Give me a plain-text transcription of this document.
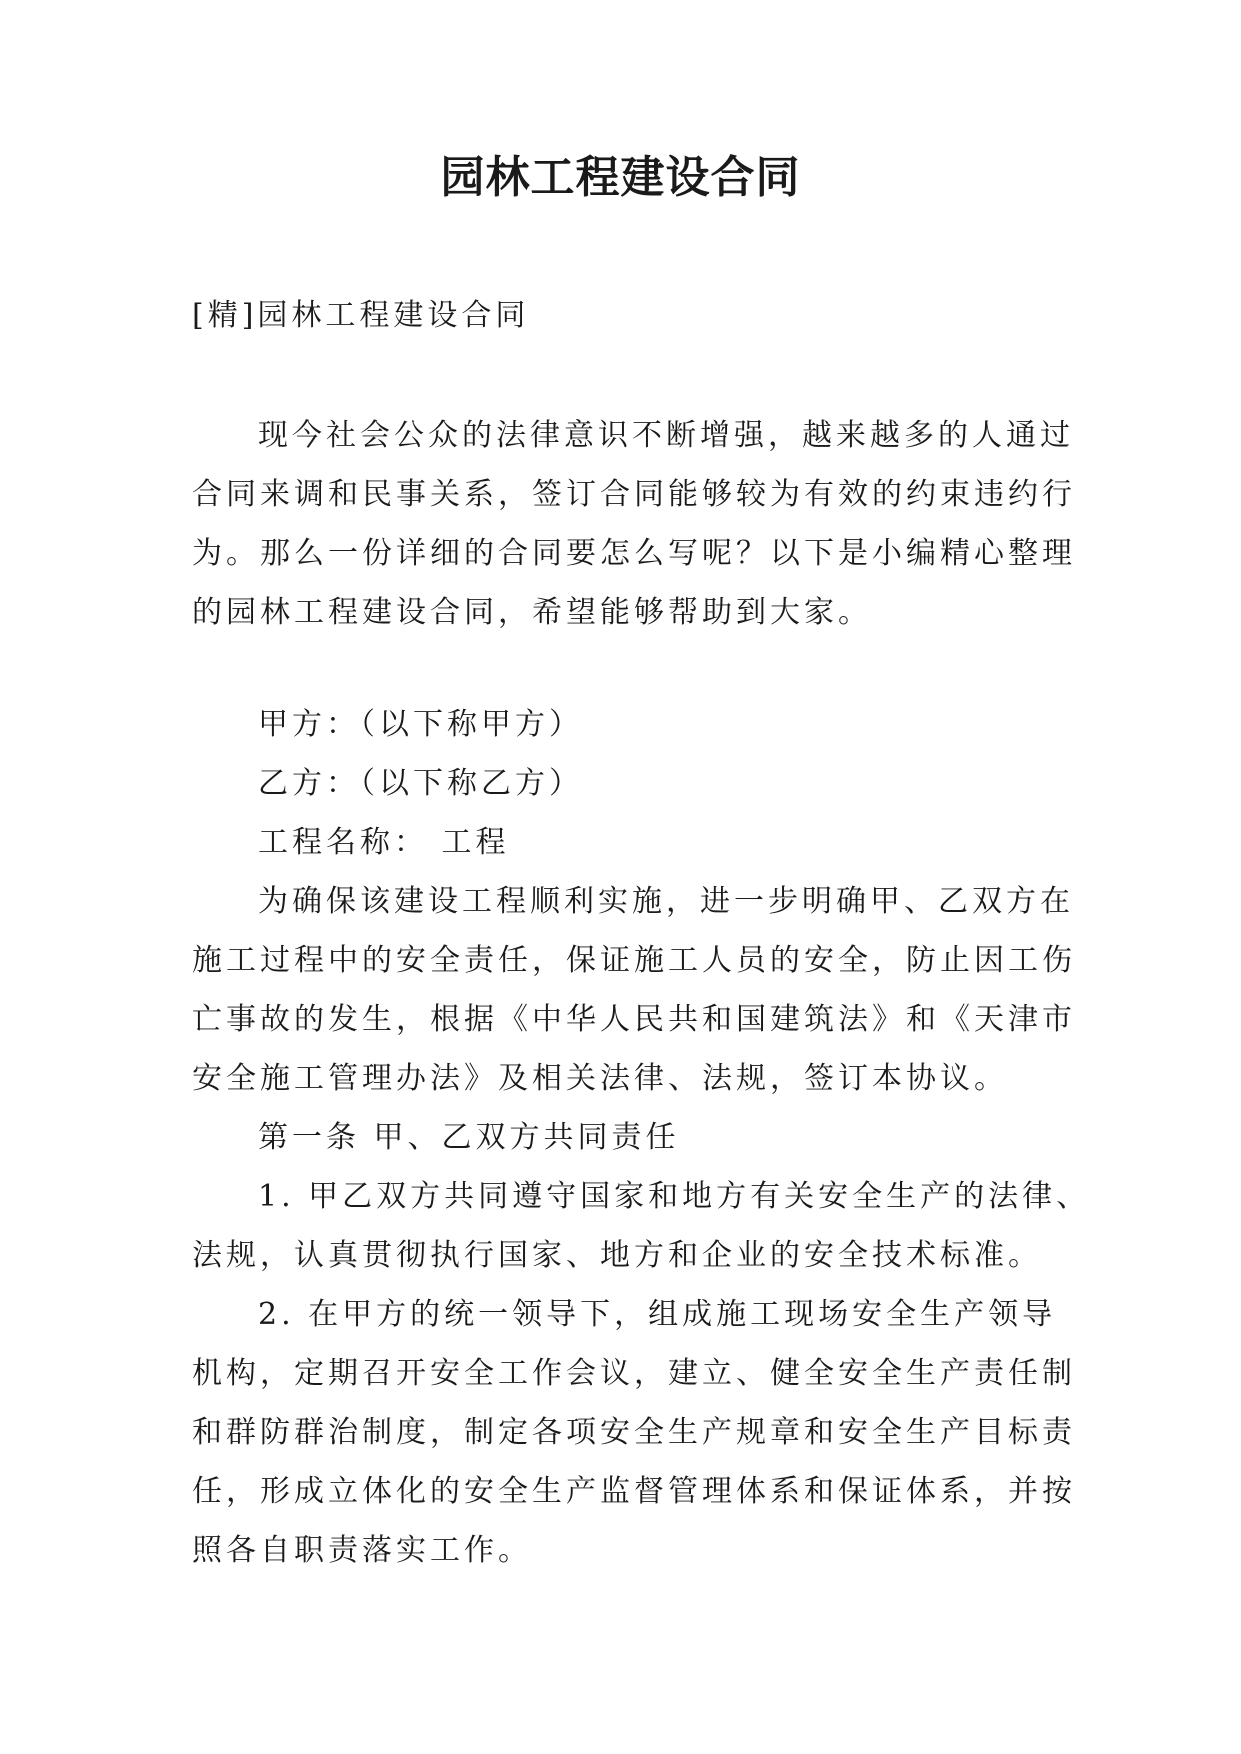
园林工程建设合同

[精]园林工程建设合同

现今社会公众的法律意识不断增强，越来越多的人通过
合同来调和民事关系，签订合同能够较为有效的约束违约行
为。那么一份详细的合同要怎么写呢？以下是小编精心整理
的园林工程建设合同，希望能够帮助到大家。
甲方：（以下称甲方）
乙方：（以下称乙方）
工程名称： 工程
为确保该建设工程顺利实施，进一步明确甲、乙双方在
施工过程中的安全责任，保证施工人员的安全，防止因工伤
亡事故的发生，根据《中华人民共和国建筑法》和《天津市
安全施工管理办法》及相关法律、法规，签订本协议。
第一条 甲、乙双方共同责任
1. 甲乙双方共同遵守国家和地方有关安全生产的法律、
法规，认真贯彻执行国家、地方和企业的安全技术标准。
2. 在甲方的统一领导下，组成施工现场安全生产领导
机构，定期召开安全工作会议，建立、健全安全生产责任制
和群防群治制度，制定各项安全生产规章和安全生产目标责
任，形成立体化的安全生产监督管理体系和保证体系，并按
照各自职责落实工作。
